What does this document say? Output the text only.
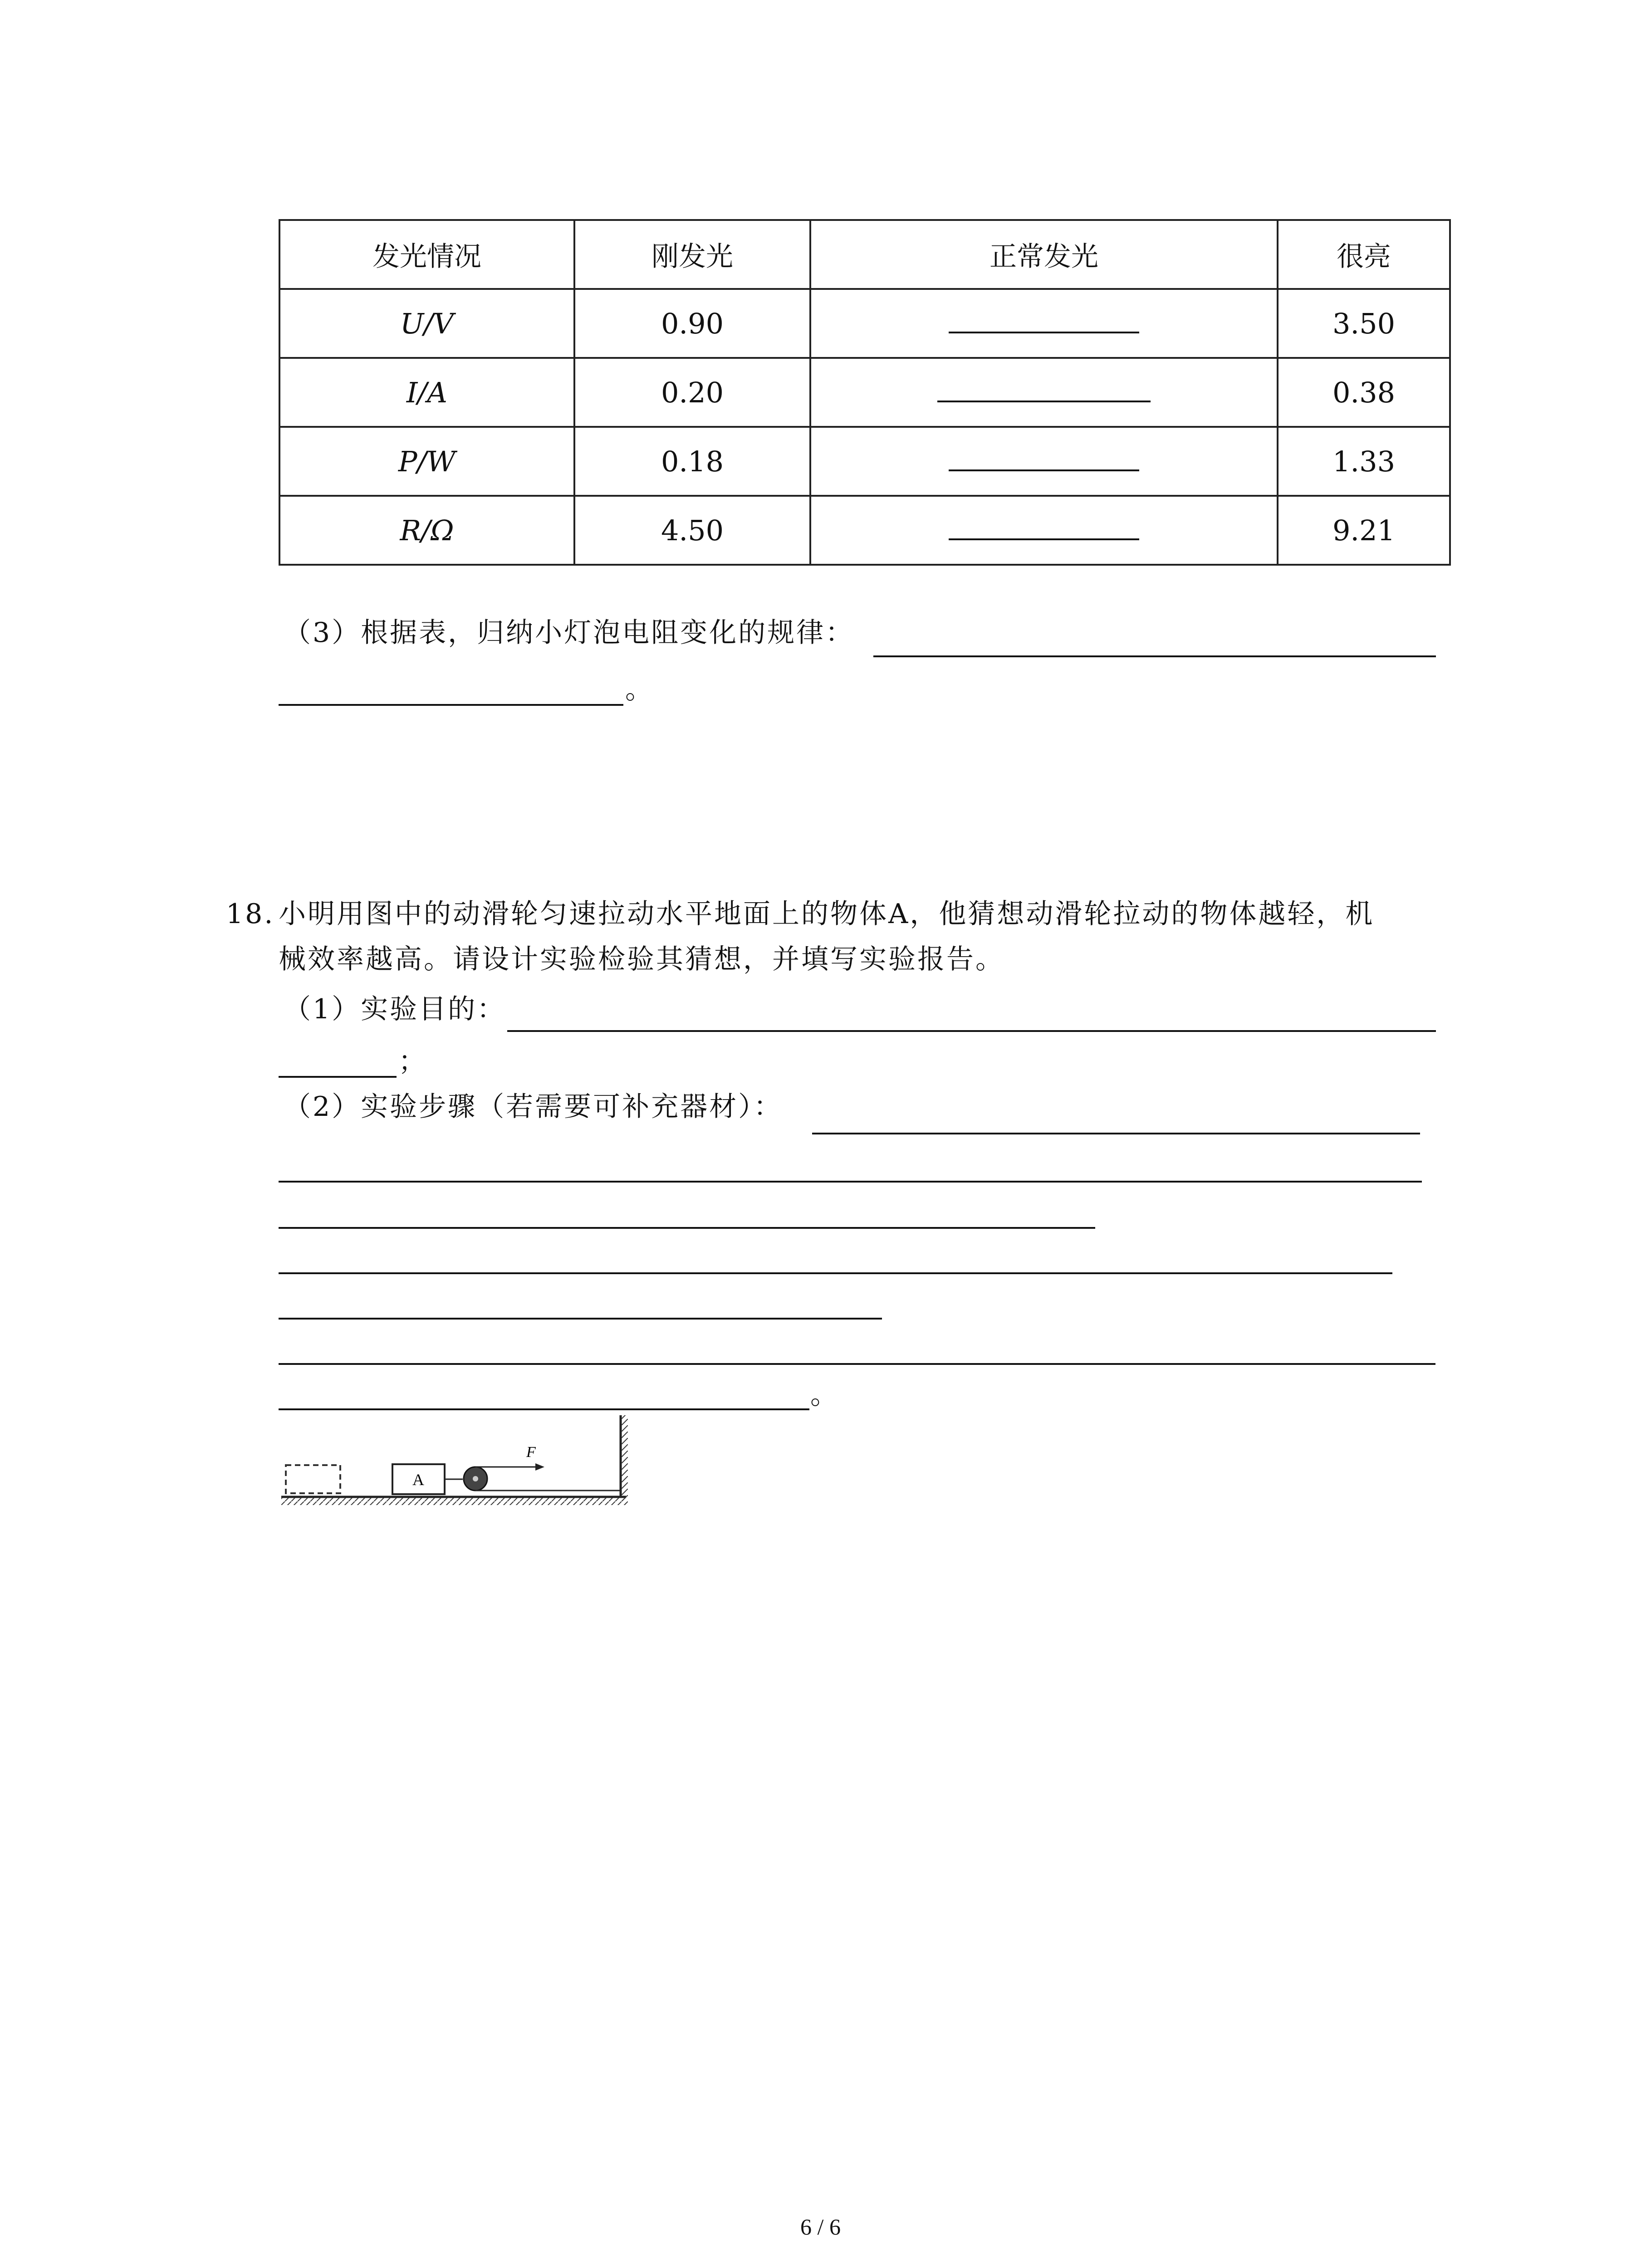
发光情况	刚发光	正常发光	很亮
U/V	0.90		3.50
I/A	0.20		0.38
P/W	0.18		1.33
R/Ω	4.50		9.21
（3）根据表，归纳小灯泡电阻变化的规律：
。
18. 小明用图中的动滑轮匀速拉动水平地面上的物体A，他猜想动滑轮拉动的物体越轻，机
械效率越高。请设计实验检验其猜想，并填写实验报告。
（1）实验目的：
；
（2）实验步骤（若需要可补充器材）：
。
A
F
6 / 6
